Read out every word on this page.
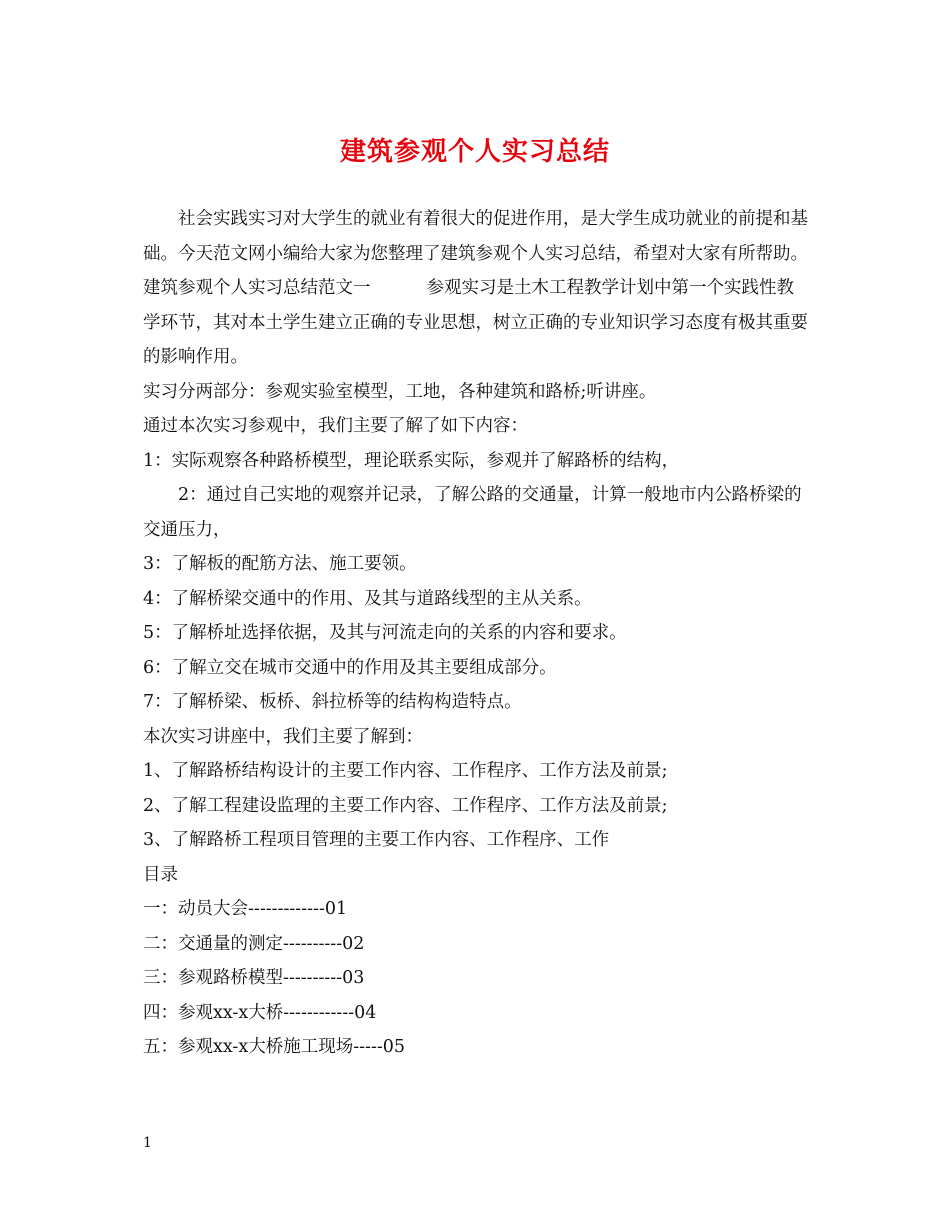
建筑参观个人实习总结

社会实践实习对大学生的就业有着很大的促进作用，是大学生成功就业的前提和基础。今天范文网小编给大家为您整理了建筑参观个人实习总结，希望对大家有所帮助。

建筑参观个人实习总结范文一	参观实习是土木工程教学计划中第一个实践性教学环节，其对本土学生建立正确的专业思想，树立正确的专业知识学习态度有极其重要的影响作用。

实习分两部分：参观实验室模型，工地，各种建筑和路桥;听讲座。

通过本次实习参观中，我们主要了解了如下内容：

1：实际观察各种路桥模型，理论联系实际，参观并了解路桥的结构，

2：通过自己实地的观察并记录，了解公路的交通量，计算一般地市内公路桥梁的交通压力，

3：了解板的配筋方法、施工要领。

4：了解桥梁交通中的作用、及其与道路线型的主从关系。

5：了解桥址选择依据，及其与河流走向的关系的内容和要求。

6：了解立交在城市交通中的作用及其主要组成部分。

7：了解桥梁、板桥、斜拉桥等的结构构造特点。

本次实习讲座中，我们主要了解到：

1、了解路桥结构设计的主要工作内容、工作程序、工作方法及前景;

2、了解工程建设监理的主要工作内容、工作程序、工作方法及前景;

3、了解路桥工程项目管理的主要工作内容、工作程序、工作

目录

一：动员大会-------------01

二：交通量的测定----------02

三：参观路桥模型----------03

四：参观xx-x大桥------------04

五：参观xx-x大桥施工现场-----05

1
